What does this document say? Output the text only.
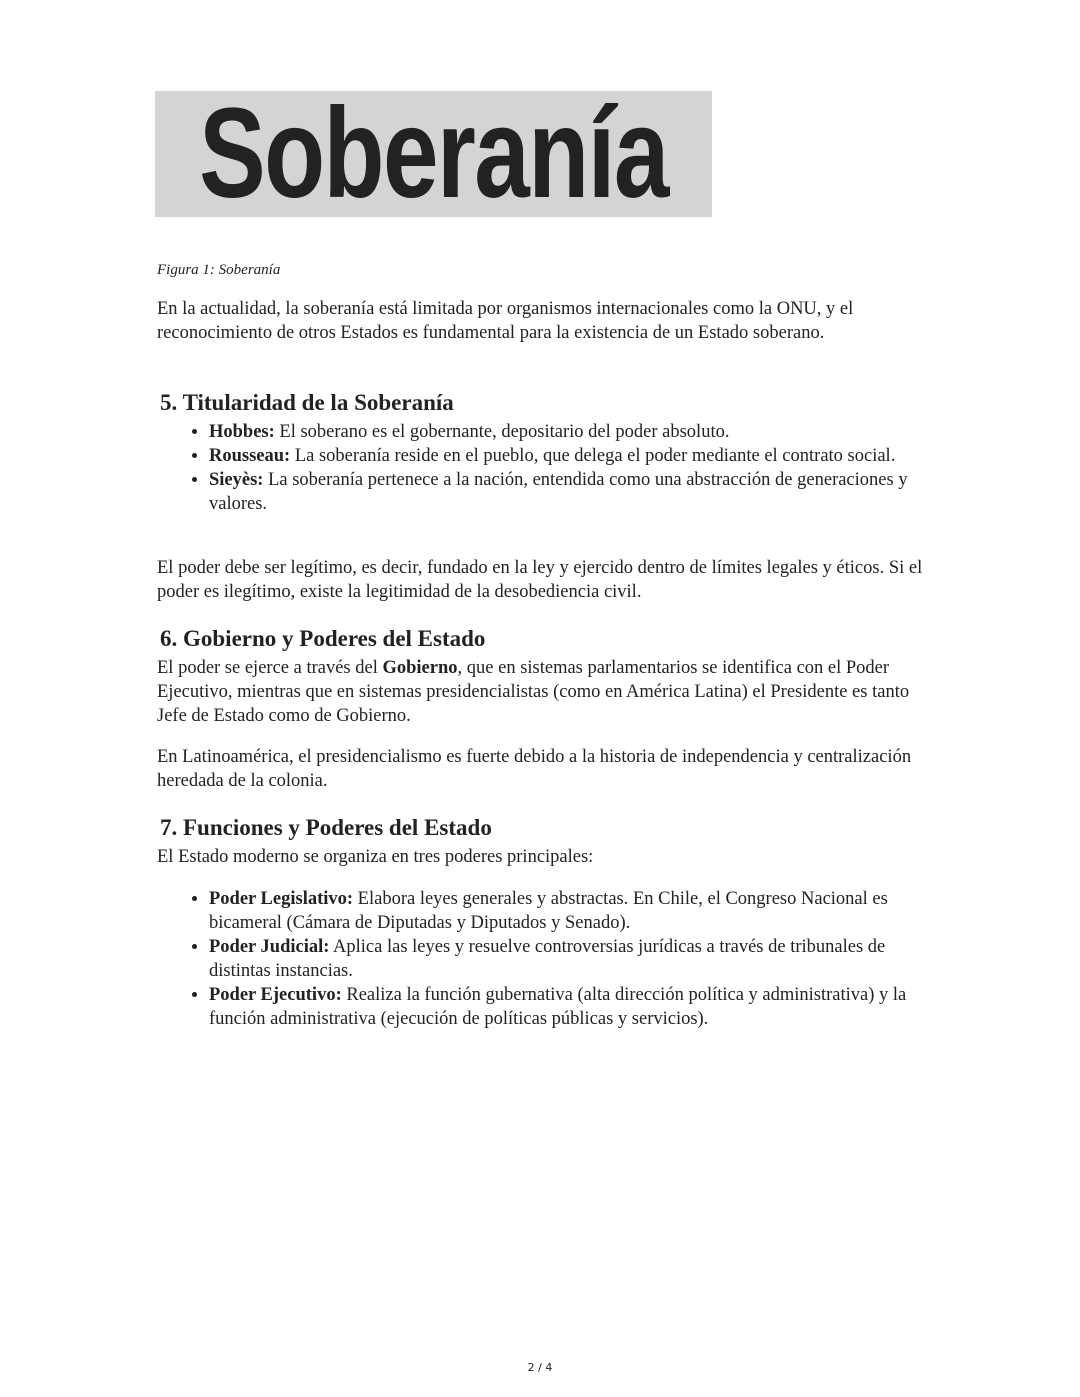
Soberanía
Figura 1: Soberanía

En la actualidad, la soberanía está limitada por organismos internacionales como la ONU, y el reconocimiento de otros Estados es fundamental para la existencia de un Estado soberano.

5. Titularidad de la Soberanía
• Hobbes: El soberano es el gobernante, depositario del poder absoluto.
• Rousseau: La soberanía reside en el pueblo, que delega el poder mediante el contrato social.
• Sieyès: La soberanía pertenece a la nación, entendida como una abstracción de generaciones y valores.

El poder debe ser legítimo, es decir, fundado en la ley y ejercido dentro de límites legales y éticos. Si el poder es ilegítimo, existe la legitimidad de la desobediencia civil.

6. Gobierno y Poderes del Estado

El poder se ejerce a través del Gobierno, que en sistemas parlamentarios se identifica con el Poder Ejecutivo, mientras que en sistemas presidencialistas (como en América Latina) el Presidente es tanto Jefe de Estado como de Gobierno.

En Latinoamérica, el presidencialismo es fuerte debido a la historia de independencia y centralización heredada de la colonia.

7. Funciones y Poderes del Estado

El Estado moderno se organiza en tres poderes principales:

• Poder Legislativo: Elabora leyes generales y abstractas. En Chile, el Congreso Nacional es bicameral (Cámara de Diputadas y Diputados y Senado).
• Poder Judicial: Aplica las leyes y resuelve controversias jurídicas a través de tribunales de distintas instancias.
• Poder Ejecutivo: Realiza la función gubernativa (alta dirección política y administrativa) y la función administrativa (ejecución de políticas públicas y servicios).
2 / 4
